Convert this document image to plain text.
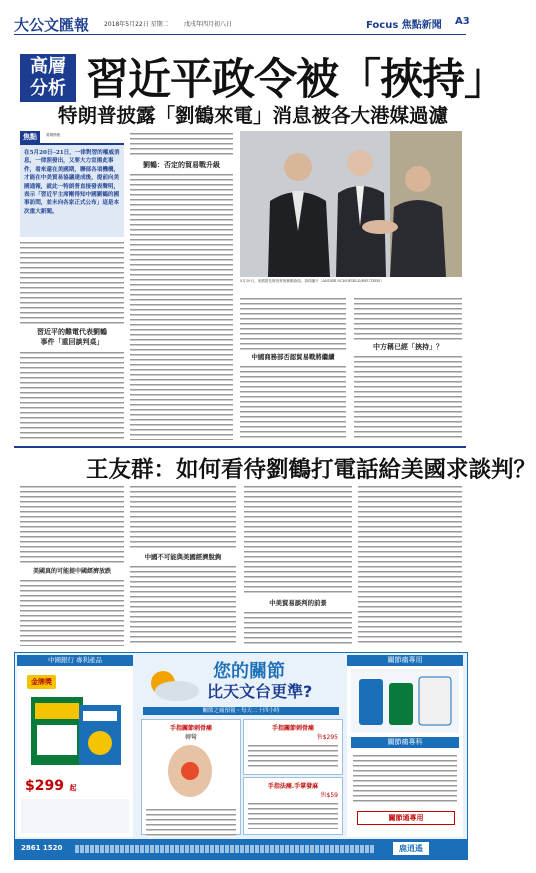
大公文匯報 2018年5月22日 星期二	戊戌年四月初八日	Focus 焦點新聞 A3
高層
分析 習近平政令被「挾持」
特朗普披露「劉鶴來電」消息被各大港媒過濾
焦點	要聞簡報
在5月20日─21日，一律對習的權威消息，一律照發出，又要大力宣揚此事件，看來還在美國期，聯部各項機構，才能在中美貿易協議達成後，提前向美國通報，就此一特朗普直接發表聲明，表示「習近平主席剛得知中國劉鶴的國事訪問，並未向各家正式公布」這是本次重大新聞。
習近平的難電代表劉鶴
事件「重回談判桌」
劉鶴：否定的貿易戰升級
5月20日，美國財長姆努欽與劉鶴會面。資料圖片（ANDRE SCHOFIELD/REUTERS）
中國商務部否認貿易戰將繼續
中方稱已經「挾持」？
王友群：如何看待劉鶴打電話給美國求談判？
美國真的可能提中國經濟放跌
中國不可能與美國經濟脫鉤
中美貿易談判的前景
中國銀行 專利產品
金牌獎
$299 起
您的關節
比天文台更準?
關節之痛預報・每天二十四小時
手指關節刺骨痛
轉彎
手指關節刺骨痛
售$295
手指法痛.手掌發麻
售$59
關節痛專用
關節痛專科
關節通專用
2861 1520	鹿逍遙
